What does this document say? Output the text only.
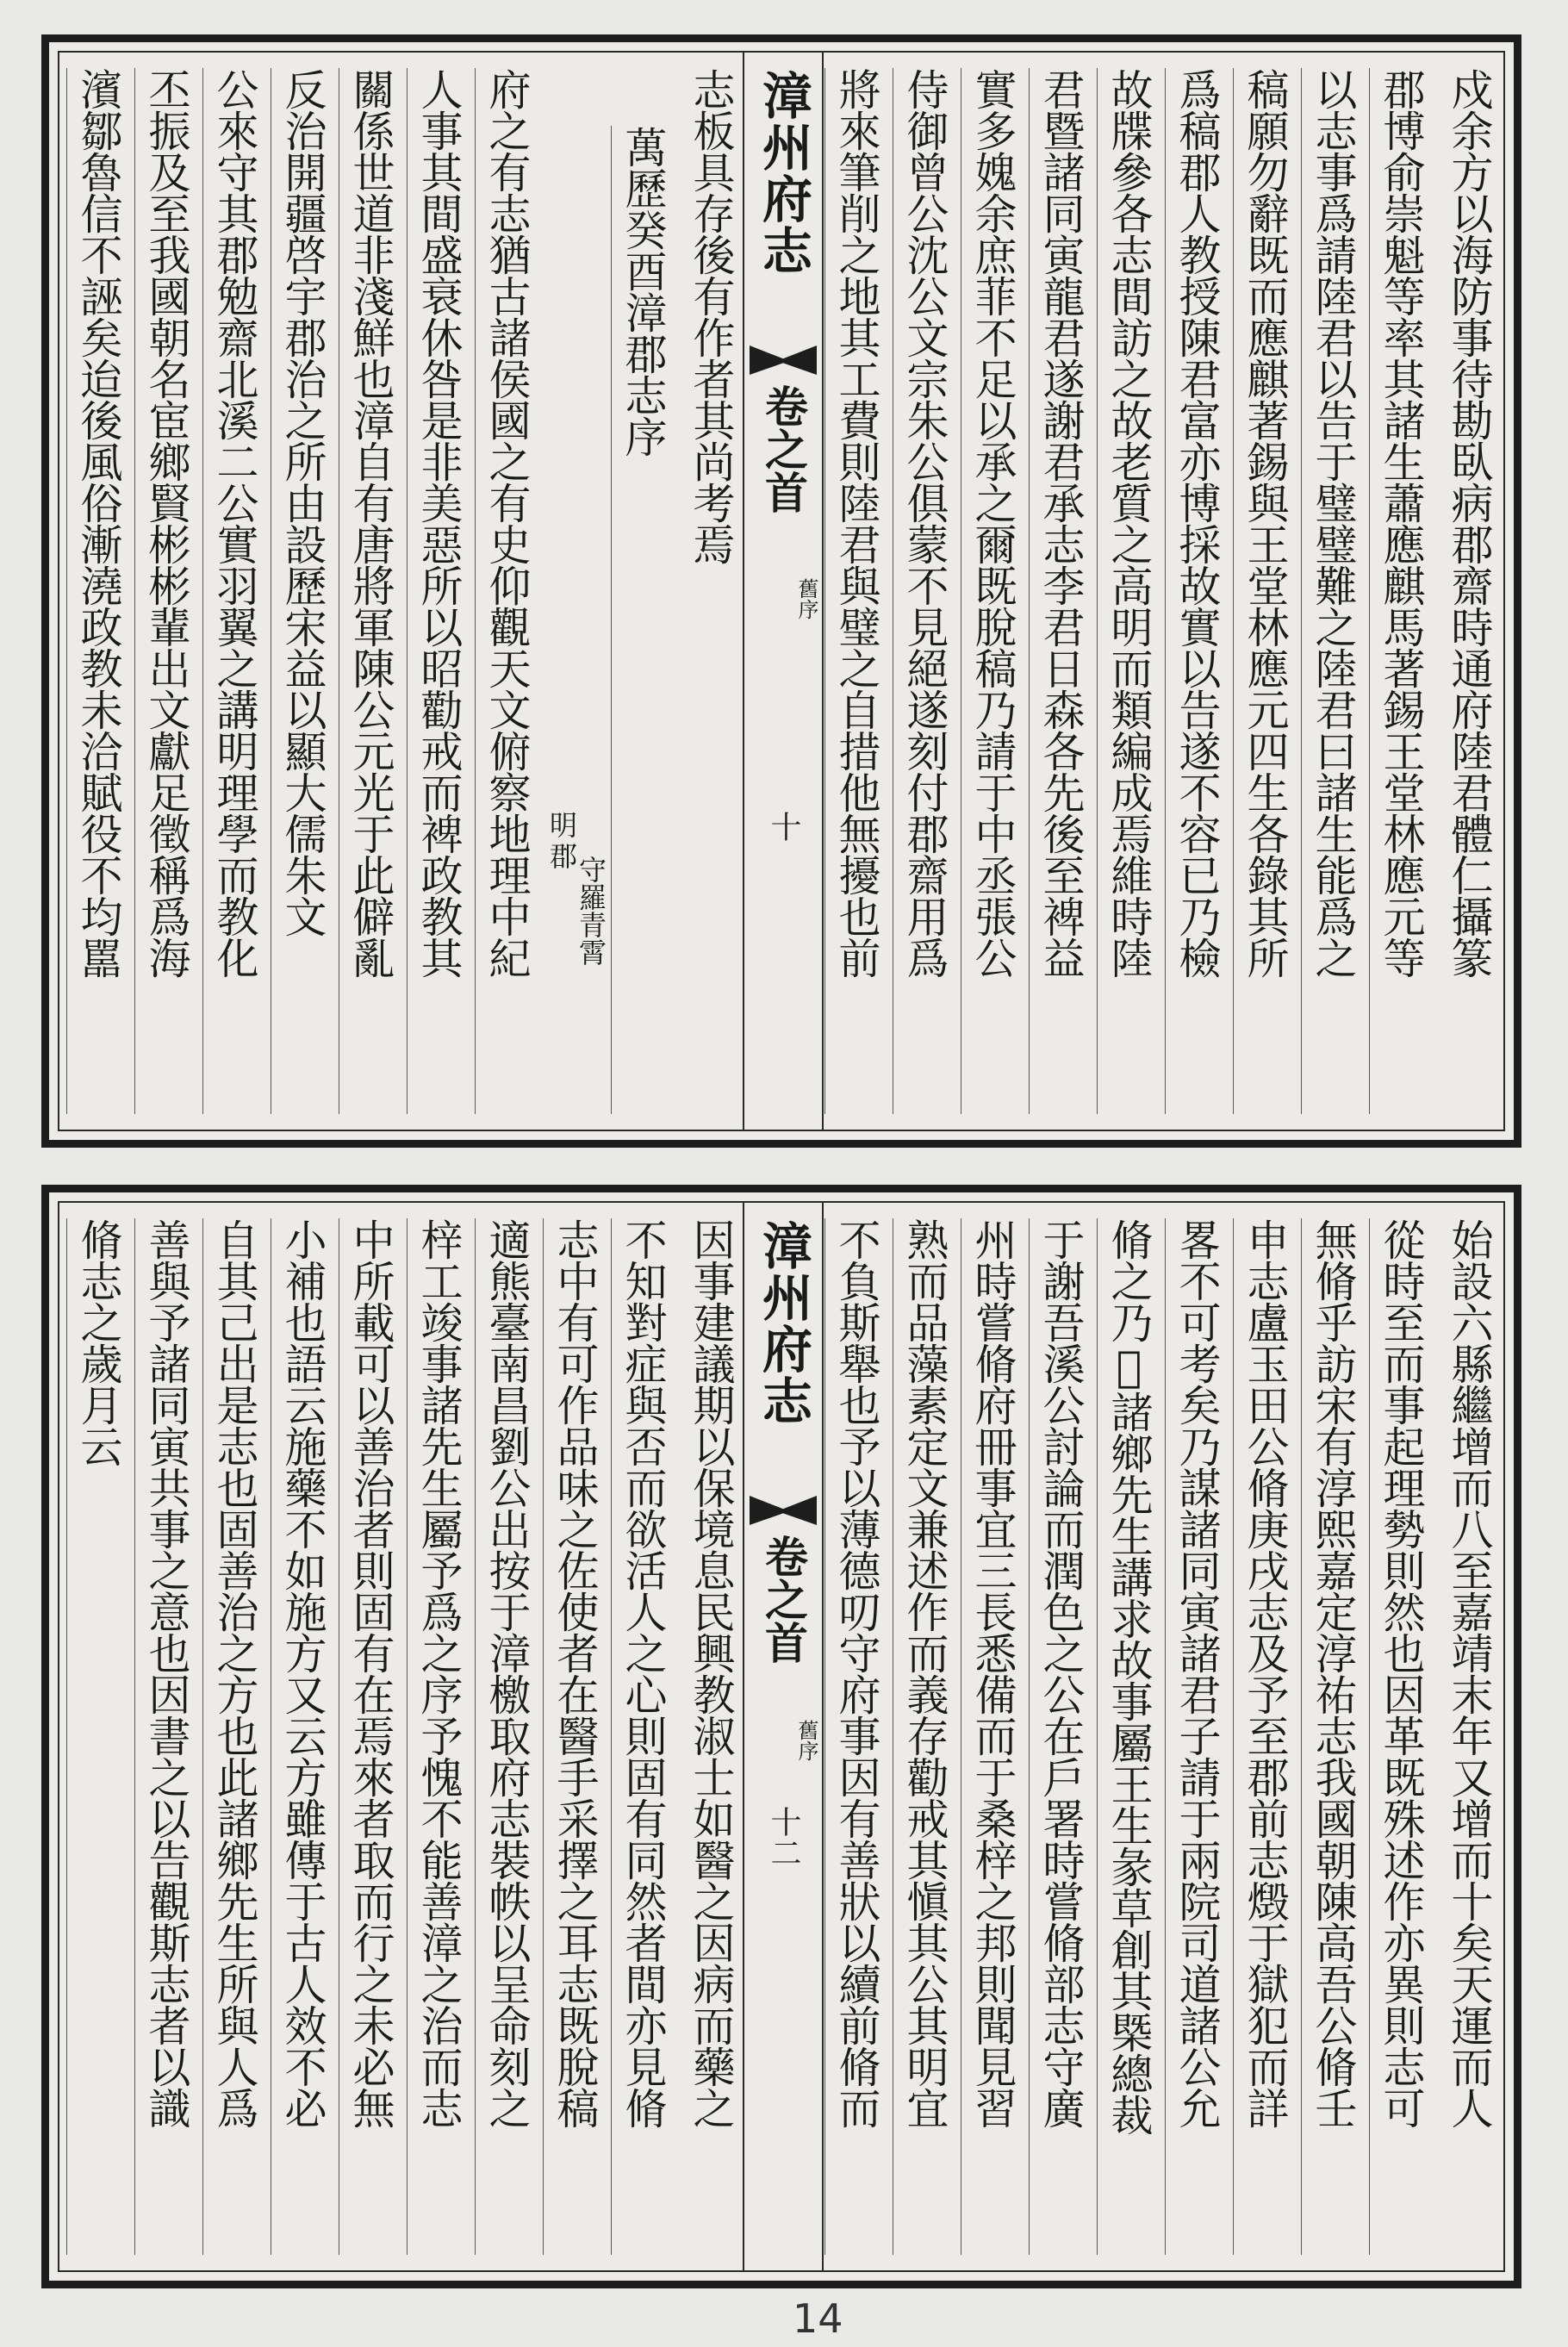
戍余方以海防事待勘臥病郡齋時通府陸君體仁攝篆
郡博俞崇魁等率其諸生蕭應麒馬著錫王堂林應元等
以志事爲請陸君以告于璧璧難之陸君曰諸生能爲之
稿願勿辭既而應麒著錫與王堂林應元四生各錄其所
爲稿郡人教授陳君富亦博採故實以告遂不容已乃檢
故牒參各志間訪之故老質之高明而類編成焉維時陸
君暨諸同寅龍君遂謝君承志李君日森各先後至裨益
實多媿余庶菲不足以承之爾既脫稿乃請于中丞張公
侍御曾公沈公文宗朱公俱蒙不見絕遂刻付郡齋用爲
將來筆削之地其工費則陸君與璧之自措他無擾也前
漳州府志
卷之首
舊序
十
志板具存後有作者其尚考焉
萬歷癸酉漳郡志序
明
郡
守羅青霄
府之有志猶古諸侯國之有史仰觀天文俯察地理中紀
人事其間盛衰休咎是非美惡所以昭勸戒而裨政教其
關係世道非淺鮮也漳自有唐將軍陳公元光于此僻亂
反治開疆啓宇郡治之所由設歷宋益以顯大儒朱文
公來守其郡勉齋北溪二公實羽翼之講明理學而教化
丕振及至我國朝名宦鄉賢彬彬輩出文獻足徵稱爲海
濱鄒魯信不誣矣迨後風俗漸澆政教未洽賦役不均嚚
始設六縣繼增而八至嘉靖末年又增而十矣天運而人
從時至而事起理勢則然也因革既殊述作亦異則志可
無脩乎訪宋有淳熙嘉定淳祐志我國朝陳高吾公脩壬
申志盧玉田公脩庚戌志及予至郡前志燬于獄犯而詳
畧不可考矣乃謀諸同寅諸君子請于兩院司道諸公允
脩之乃𨷖諸鄉先生講求故事屬王生彖草創其槩總裁
于謝吾溪公討論而潤色之公在戶署時嘗脩部志守廣
州時嘗脩府冊事宜三長悉備而于桑梓之邦則聞見習
熟而品藻素定文兼述作而義存勸戒其愼其公其明宜
不負斯舉也予以薄德叨守府事因有善狀以續前脩而
漳州府志
卷之首
舊序
十二
因事建議期以保境息民興教淑士如醫之因病而藥之
不知對症與否而欲活人之心則固有同然者間亦見脩
志中有可作品味之佐使者在醫手采擇之耳志既脫稿
適熊臺南昌劉公出按于漳檄取府志裝帙以呈命刻之
梓工竣事諸先生屬予爲之序予愧不能善漳之治而志
中所載可以善治者則固有在焉來者取而行之未必無
小補也語云施藥不如施方又云方雖傳于古人效不必
自其己出是志也固善治之方也此諸鄉先生所與人爲
善與予諸同寅共事之意也因書之以告觀斯志者以識
脩志之歲月云
14
